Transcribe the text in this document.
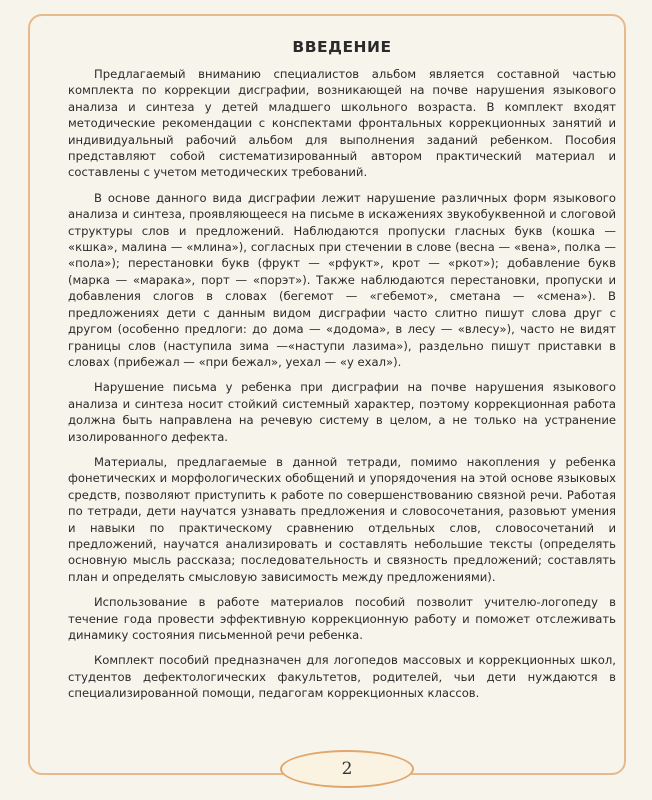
ВВЕДЕНИЕ

Предлагаемый вниманию специалистов альбом является составной частью комплекта по коррекции дисграфии, возникающей на почве нарушения языкового анализа и синтеза у детей младшего школьного возраста. В комплект входят методические рекомендации с конспектами фронтальных коррекционных занятий и индивидуальный рабочий альбом для выполнения заданий ребенком. Пособия представляют собой систематизированный автором практический материал и составлены с учетом методических требований.

В основе данного вида дисграфии лежит нарушение различных форм языкового анализа и синтеза, проявляющееся на письме в искажениях звукобуквенной и слоговой структуры слов и предложений. Наблюдаются пропуски гласных букв (кошка — «кшка», малина — «млина»), согласных при стечении в слове (весна — «вена», полка — «пола»); перестановки букв (фрукт — «рфукт», крот — «ркот»); добавление букв (марка — «марака», порт — «порэт»). Также наблюдаются перестановки, пропуски и добавления слогов в словах (бегемот — «гебемот», сметана — «смена»). В предложениях дети с данным видом дисграфии часто слитно пишут слова друг с другом (особенно предлоги: до дома — «додома», в лесу — «влесу»), часто не видят границы слов (наступила зима —«наступи лазима»), раздельно пишут приставки в словах (прибежал — «при бежал», уехал — «у ехал»).

Нарушение письма у ребенка при дисграфии на почве нарушения языкового анализа и синтеза носит стойкий системный характер, поэтому коррекционная работа должна быть направлена на речевую систему в целом, а не только на устранение изолированного дефекта.

Материалы, предлагаемые в данной тетради, помимо накопления у ребенка фонетических и морфологических обобщений и упорядочения на этой основе языковых средств, позволяют приступить к работе по совершенствованию связной речи. Работая по тетради, дети научатся узнавать предложения и словосочетания, разовьют умения и навыки по практическому сравнению отдельных слов, словосочетаний и предложений, научатся анализировать и составлять небольшие тексты (определять основную мысль рассказа; последовательность и связность предложений; составлять план и определять смысловую зависимость между предложениями).

Использование в работе материалов пособий позволит учителю-логопеду в течение года провести эффективную коррекционную работу и поможет отслеживать динамику состояния письменной речи ребенка.

Комплект пособий предназначен для логопедов массовых и коррекционных школ, студентов дефектологических факультетов, родителей, чьи дети нуждаются в специализированной помощи, педагогам коррекционных классов.

2
